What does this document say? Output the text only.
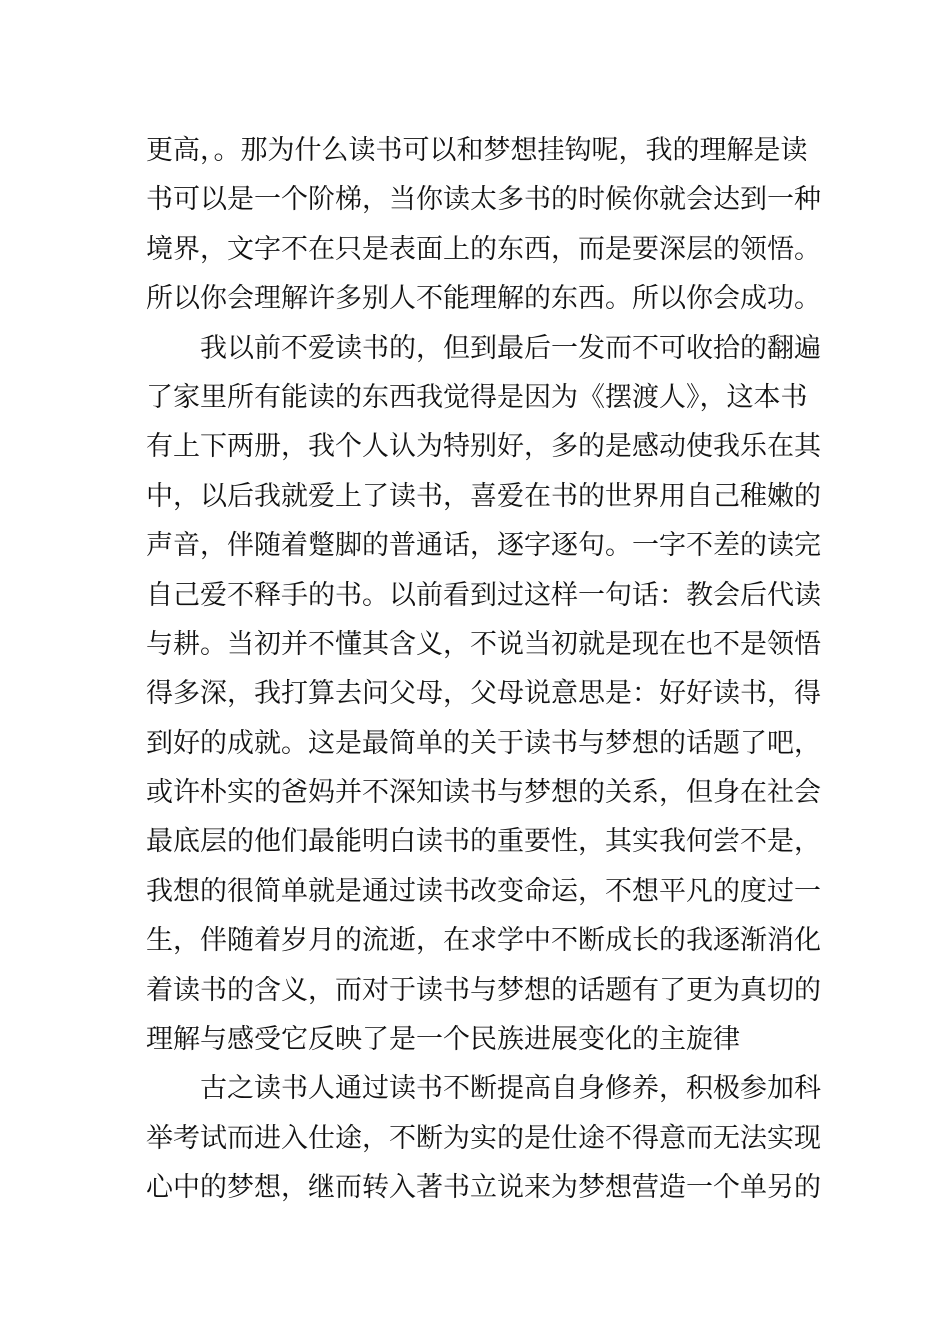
更高，。那为什么读书可以和梦想挂钩呢，我的理解是读
书可以是一个阶梯，当你读太多书的时候你就会达到一种
境界，文字不在只是表面上的东西，而是要深层的领悟。
所以你会理解许多别人不能理解的东西。所以你会成功。
我以前不爱读书的，但到最后一发而不可收拾的翻遍
了家里所有能读的东西我觉得是因为《摆渡人》，这本书
有上下两册，我个人认为特别好，多的是感动使我乐在其
中，以后我就爱上了读书，喜爱在书的世界用自己稚嫩的
声音，伴随着蹩脚的普通话，逐字逐句。一字不差的读完
自己爱不释手的书。以前看到过这样一句话：教会后代读
与耕。当初并不懂其含义，不说当初就是现在也不是领悟
得多深，我打算去问父母，父母说意思是：好好读书，得
到好的成就。这是最简单的关于读书与梦想的话题了吧，
或许朴实的爸妈并不深知读书与梦想的关系，但身在社会
最底层的他们最能明白读书的重要性，其实我何尝不是，
我想的很简单就是通过读书改变命运，不想平凡的度过一
生，伴随着岁月的流逝，在求学中不断成长的我逐渐消化
着读书的含义，而对于读书与梦想的话题有了更为真切的
理解与感受它反映了是一个民族进展变化的主旋律
古之读书人通过读书不断提高自身修养，积极参加科
举考试而进入仕途，不断为实的是仕途不得意而无法实现
心中的梦想，继而转入著书立说来为梦想营造一个单另的
